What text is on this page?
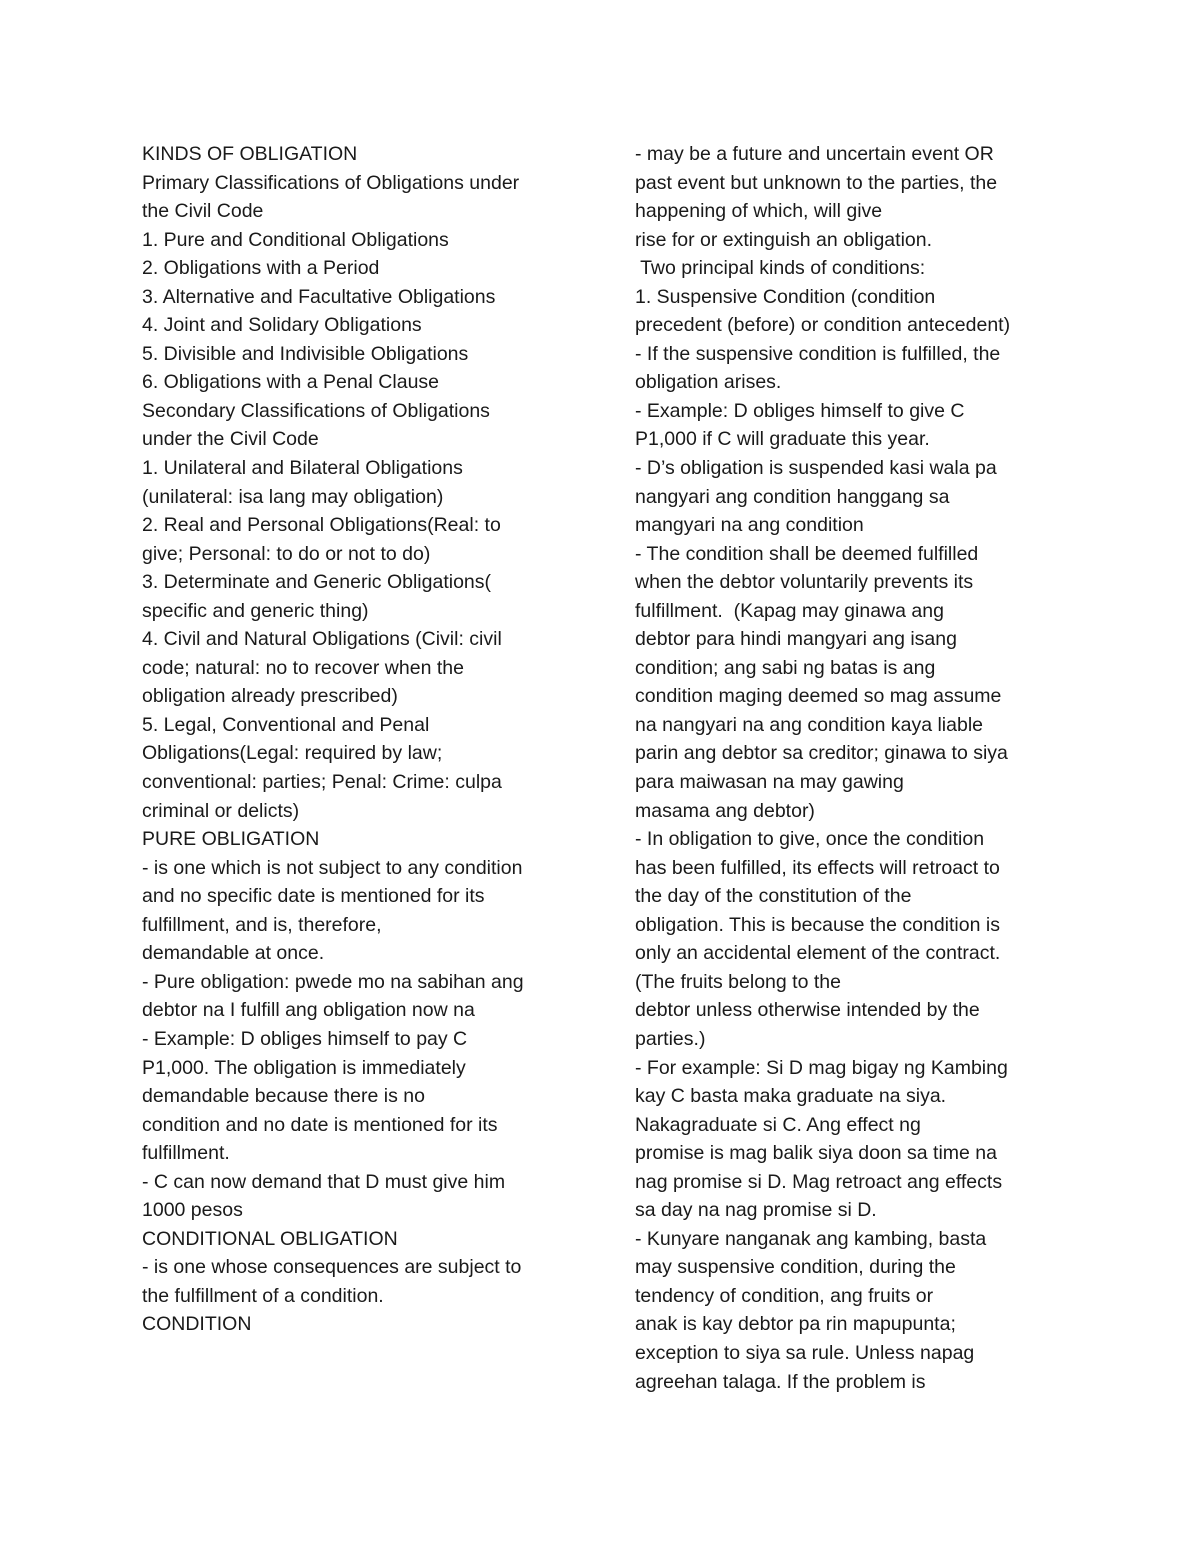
KINDS OF OBLIGATION
Primary Classifications of Obligations under
the Civil Code
1. Pure and Conditional Obligations
2. Obligations with a Period
3. Alternative and Facultative Obligations
4. Joint and Solidary Obligations
5. Divisible and Indivisible Obligations
6. Obligations with a Penal Clause
Secondary Classifications of Obligations
under the Civil Code
1. Unilateral and Bilateral Obligations
(unilateral: isa lang may obligation)
2. Real and Personal Obligations(Real: to
give; Personal: to do or not to do)
3. Determinate and Generic Obligations(
specific and generic thing)
4. Civil and Natural Obligations (Civil: civil
code; natural: no to recover when the
obligation already prescribed)
5. Legal, Conventional and Penal
Obligations(Legal: required by law;
conventional: parties; Penal: Crime: culpa
criminal or delicts)
PURE OBLIGATION
- is one which is not subject to any condition
and no specific date is mentioned for its
fulfillment, and is, therefore,
demandable at once.
- Pure obligation: pwede mo na sabihan ang
debtor na I fulfill ang obligation now na
- Example: D obliges himself to pay C
P1,000. The obligation is immediately
demandable because there is no
condition and no date is mentioned for its
fulfillment.
- C can now demand that D must give him
1000 pesos
CONDITIONAL OBLIGATION
- is one whose consequences are subject to
the fulfillment of a condition.
CONDITION
- may be a future and uncertain event OR
past event but unknown to the parties, the
happening of which, will give
rise for or extinguish an obligation.
Two principal kinds of conditions:
1. Suspensive Condition (condition
precedent (before) or condition antecedent)
- If the suspensive condition is fulfilled, the
obligation arises.
- Example: D obliges himself to give C
P1,000 if C will graduate this year.
- D’s obligation is suspended kasi wala pa
nangyari ang condition hanggang sa
mangyari na ang condition
- The condition shall be deemed fulfilled
when the debtor voluntarily prevents its
fulfillment.  (Kapag may ginawa ang
debtor para hindi mangyari ang isang
condition; ang sabi ng batas is ang
condition maging deemed so mag assume
na nangyari na ang condition kaya liable
parin ang debtor sa creditor; ginawa to siya
para maiwasan na may gawing
masama ang debtor)
- In obligation to give, once the condition
has been fulfilled, its effects will retroact to
the day of the constitution of the
obligation. This is because the condition is
only an accidental element of the contract.
(The fruits belong to the
debtor unless otherwise intended by the
parties.)
- For example: Si D mag bigay ng Kambing
kay C basta maka graduate na siya.
Nakagraduate si C. Ang effect ng
promise is mag balik siya doon sa time na
nag promise si D. Mag retroact ang effects
sa day na nag promise si D.
- Kunyare nanganak ang kambing, basta
may suspensive condition, during the
tendency of condition, ang fruits or
anak is kay debtor pa rin mapupunta;
exception to siya sa rule. Unless napag
agreehan talaga. If the problem is
